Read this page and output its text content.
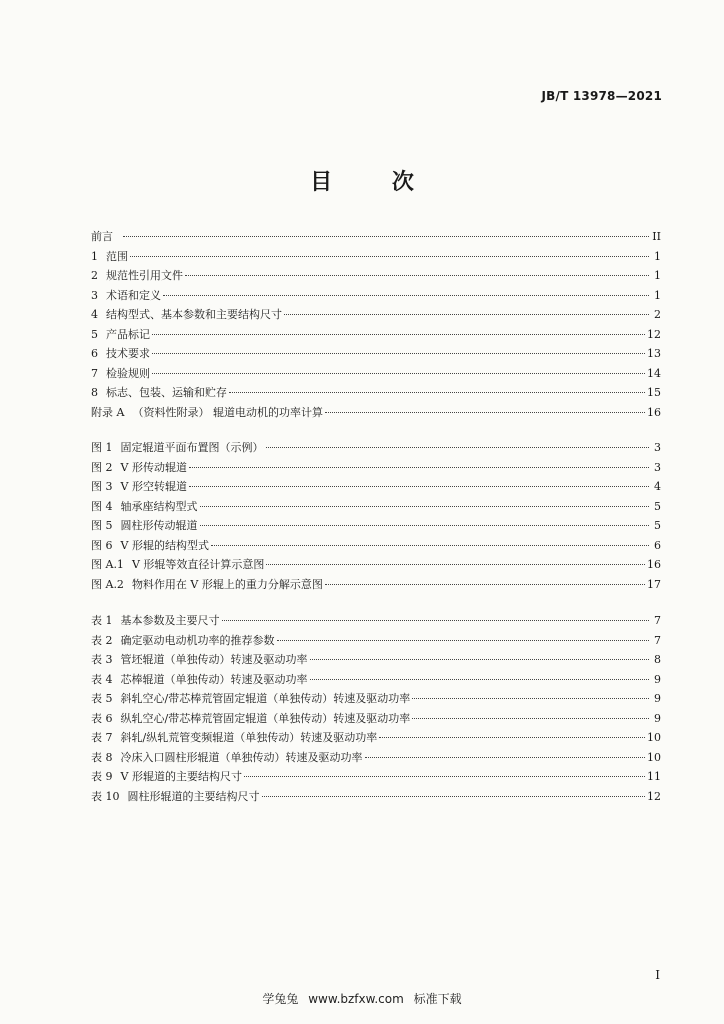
JB/T 13978—2021
目 次
前言	II
1 范围	1
2 规范性引用文件	1
3 术语和定义	1
4 结构型式、基本参数和主要结构尺寸	2
5 产品标记	12
6 技术要求	13
7 检验规则	14
8 标志、包装、运输和贮存	15
附录 A （资料性附录） 辊道电动机的功率计算	16
图 1 固定辊道平面布置图（示例）	3
图 2 V 形传动辊道	3
图 3 V 形空转辊道	4
图 4 轴承座结构型式	5
图 5 圆柱形传动辊道	5
图 6 V 形辊的结构型式	6
图 A.1 V 形辊等效直径计算示意图	16
图 A.2 物料作用在 V 形辊上的重力分解示意图	17
表 1 基本参数及主要尺寸	7
表 2 确定驱动电动机功率的推荐参数	7
表 3 管坯辊道（单独传动）转速及驱动功率	8
表 4 芯棒辊道（单独传动）转速及驱动功率	9
表 5 斜轧空心/带芯棒荒管固定辊道（单独传动）转速及驱动功率	9
表 6 纵轧空心/带芯棒荒管固定辊道（单独传动）转速及驱动功率	9
表 7 斜轧/纵轧荒管变频辊道（单独传动）转速及驱动功率	10
表 8 冷床入口圆柱形辊道（单独传动）转速及驱动功率	10
表 9 V 形辊道的主要结构尺寸	11
表 10 圆柱形辊道的主要结构尺寸	12
I
学兔兔 www.bzfxw.com 标准下载
